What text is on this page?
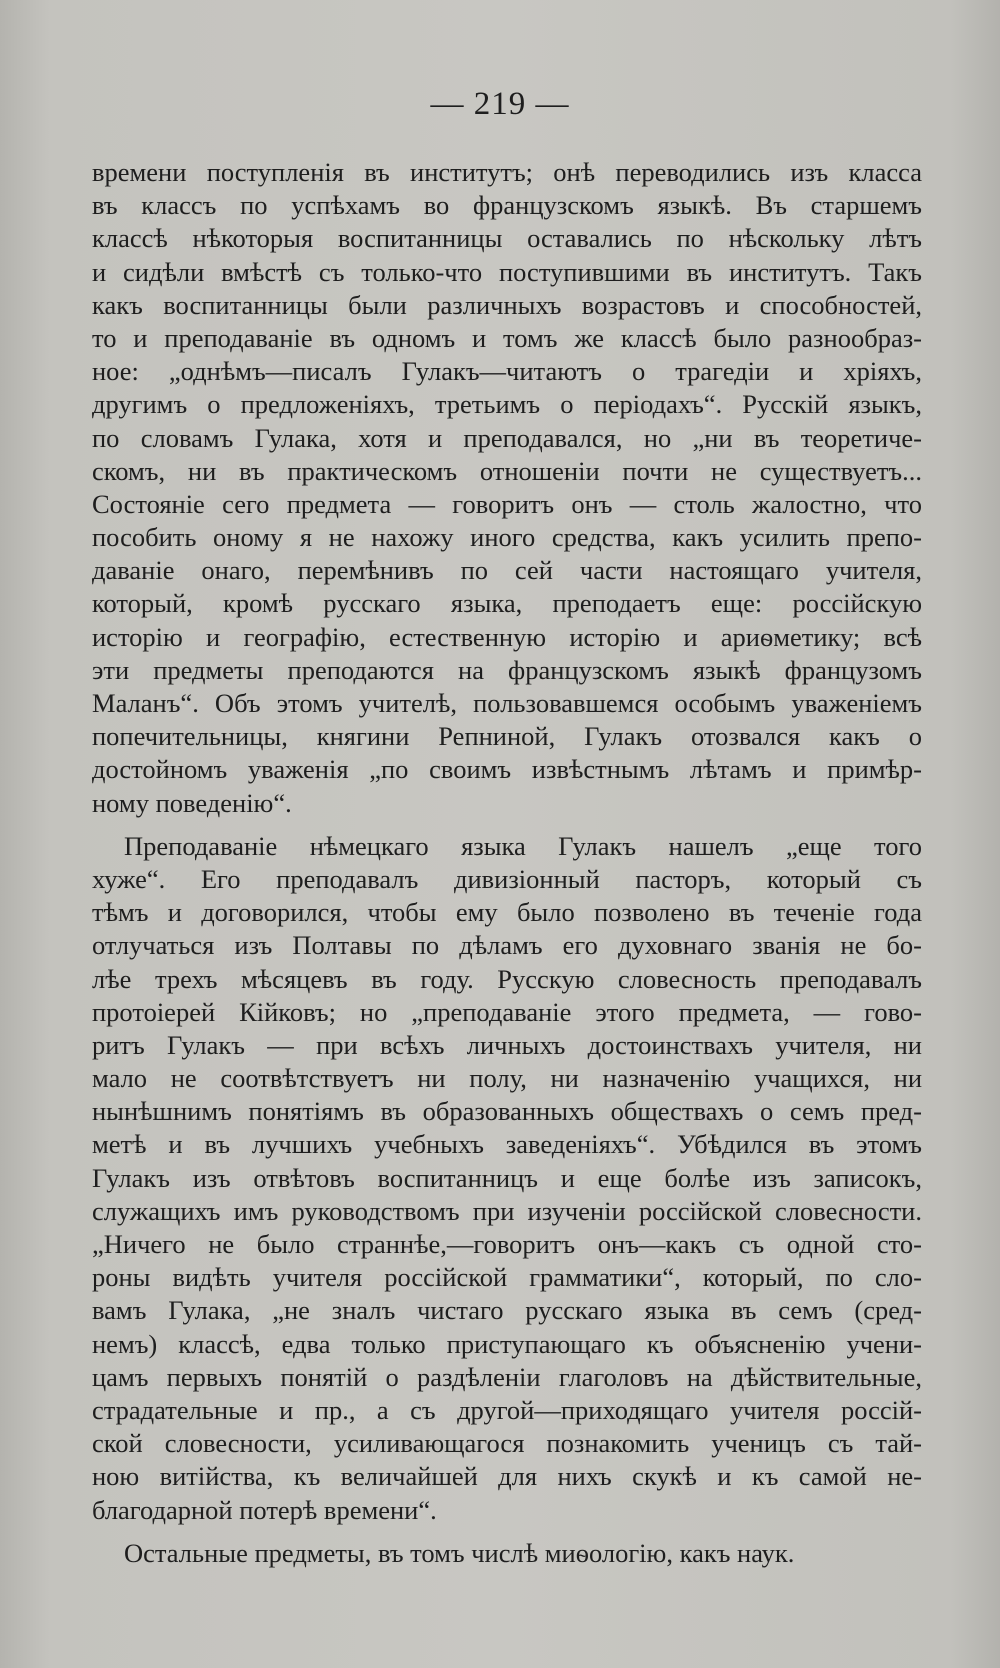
— 219 —
времени поступленія въ институтъ; онѣ переводились изъ класса
въ классъ по успѣхамъ во французскомъ языкѣ. Въ старшемъ
классѣ нѣкоторыя воспитанницы оставались по нѣскольку лѣтъ
и сидѣли вмѣстѣ съ только-что поступившими въ институтъ. Такъ
какъ воспитанницы были различныхъ возрастовъ и способностей,
то и преподаваніе въ одномъ и томъ же классѣ было разнообраз-
ное: „однѣмъ—писалъ Гулакъ—читаютъ о трагедіи и хріяхъ,
другимъ о предложеніяхъ, третьимъ о періодахъ“. Русскій языкъ,
по словамъ Гулака, хотя и преподавался, но „ни въ теоретиче-
скомъ, ни въ практическомъ отношеніи почти не существуетъ...
Состояніе сего предмета — говоритъ онъ — столь жалостно, что
пособить оному я не нахожу иного средства, какъ усилить препо-
даваніе онаго, перемѣнивъ по сей части настоящаго учителя,
который, кромѣ русскаго языка, преподаетъ еще: россійскую
исторію и географію, естественную исторію и ариѳметику; всѣ
эти предметы преподаются на французскомъ языкѣ французомъ
Маланъ“. Объ этомъ учителѣ, пользовавшемся особымъ уваженіемъ
попечительницы, княгини Репниной, Гулакъ отозвался какъ о
достойномъ уваженія „по своимъ извѣстнымъ лѣтамъ и примѣр-
ному поведенію“.
Преподаваніе нѣмецкаго языка Гулакъ нашелъ „еще того
хуже“. Его преподавалъ дивизіонный пасторъ, который съ
тѣмъ и договорился, чтобы ему было позволено въ теченіе года
отлучаться изъ Полтавы по дѣламъ его духовнаго званія не бо-
лѣе трехъ мѣсяцевъ въ году. Русскую словесность преподавалъ
протоіерей Кійковъ; но „преподаваніе этого предмета, — гово-
ритъ Гулакъ — при всѣхъ личныхъ достоинствахъ учителя, ни
мало не соотвѣтствуетъ ни полу, ни назначенію учащихся, ни
нынѣшнимъ понятіямъ въ образованныхъ обществахъ о семъ пред-
метѣ и въ лучшихъ учебныхъ заведеніяхъ“. Убѣдился въ этомъ
Гулакъ изъ отвѣтовъ воспитанницъ и еще болѣе изъ записокъ,
служащихъ имъ руководствомъ при изученіи россійской словесности.
„Ничего не было страннѣе,—говоритъ онъ—какъ съ одной сто-
роны видѣть учителя россійской грамматики“, который, по сло-
вамъ Гулака, „не зналъ чистаго русскаго языка въ семъ (сред-
немъ) классѣ, едва только приступающаго къ объясненію учени-
цамъ первыхъ понятій о раздѣленіи глаголовъ на дѣйствительные,
страдательные и пр., а съ другой—приходящаго учителя россій-
ской словесности, усиливающагося познакомить ученицъ съ тай-
ною витійства, къ величайшей для нихъ скукѣ и къ самой не-
благодарной потерѣ времени“.
Остальные предметы, въ томъ числѣ миѳологію, какъ наук.
